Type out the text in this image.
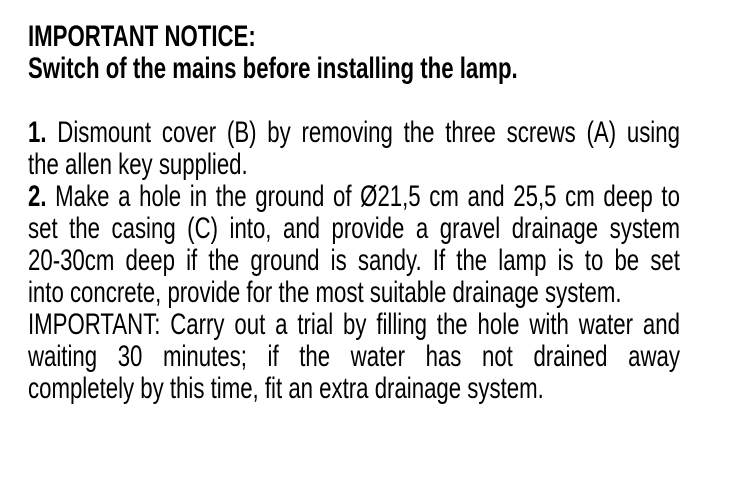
IMPORTANT NOTICE:
Switch of the mains before installing the lamp.
1. Dismount cover (B) by removing the three screws (A) using
the allen key supplied.
2. Make a hole in the ground of Ø21,5 cm and 25,5 cm deep to
set the casing (C) into, and provide a gravel drainage system
20-30cm deep if the ground is sandy. If the lamp is to be set
into concrete, provide for the most suitable drainage system.
IMPORTANT: Carry out a trial by filling the hole with water and
waiting 30 minutes; if the water has not drained away
completely by this time, fit an extra drainage system.
